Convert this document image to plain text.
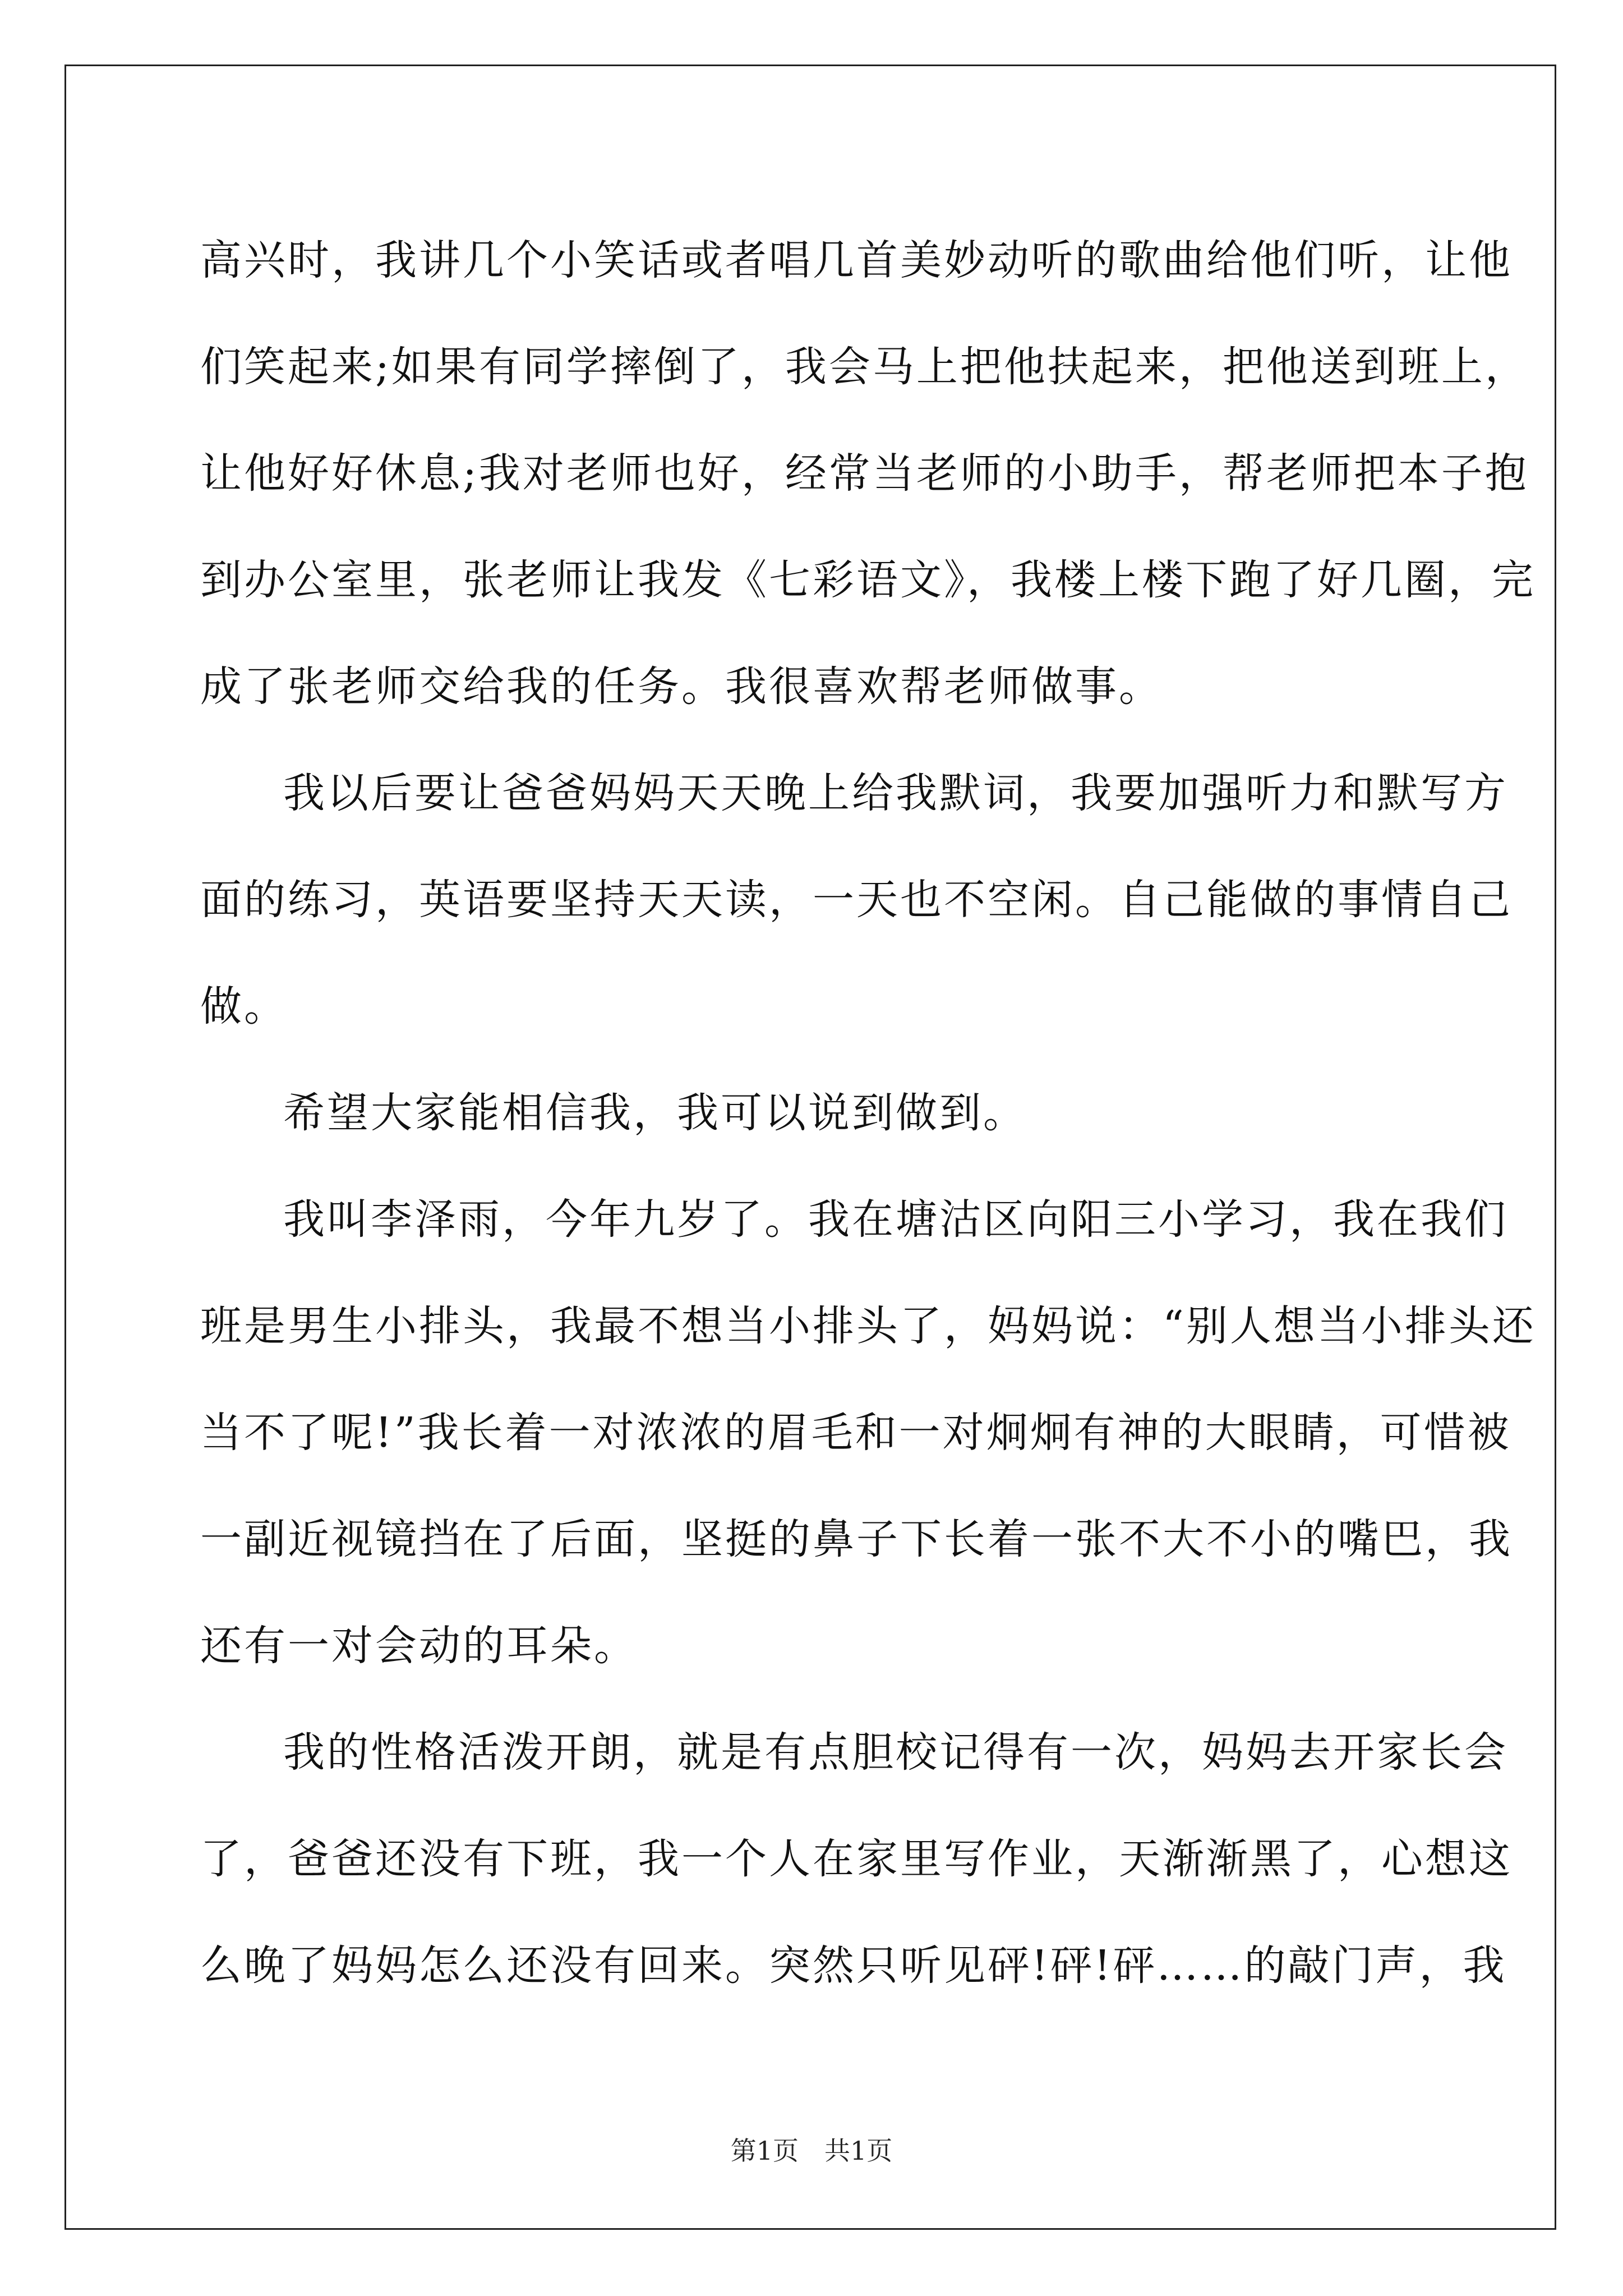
高兴时，我讲几个小笑话或者唱几首美妙动听的歌曲给他们听，让他
们笑起来;如果有同学摔倒了，我会马上把他扶起来，把他送到班上，
让他好好休息;我对老师也好，经常当老师的小助手，帮老师把本子抱
到办公室里，张老师让我发《七彩语文》，我楼上楼下跑了好几圈，完
成了张老师交给我的任务。我很喜欢帮老师做事。
我以后要让爸爸妈妈天天晚上给我默词，我要加强听力和默写方
面的练习，英语要坚持天天读，一天也不空闲。自己能做的事情自己
做。
希望大家能相信我，我可以说到做到。
我叫李泽雨，今年九岁了。我在塘沽区向阳三小学习，我在我们
班是男生小排头，我最不想当小排头了，妈妈说：“别人想当小排头还
当不了呢!”我长着一对浓浓的眉毛和一对炯炯有神的大眼睛，可惜被
一副近视镜挡在了后面，坚挺的鼻子下长着一张不大不小的嘴巴，我
还有一对会动的耳朵。
我的性格活泼开朗，就是有点胆校记得有一次，妈妈去开家长会
了，爸爸还没有下班，我一个人在家里写作业，天渐渐黑了，心想这
么晚了妈妈怎么还没有回来。突然只听见砰!砰!砰……的敲门声，我
第1页　共1页
